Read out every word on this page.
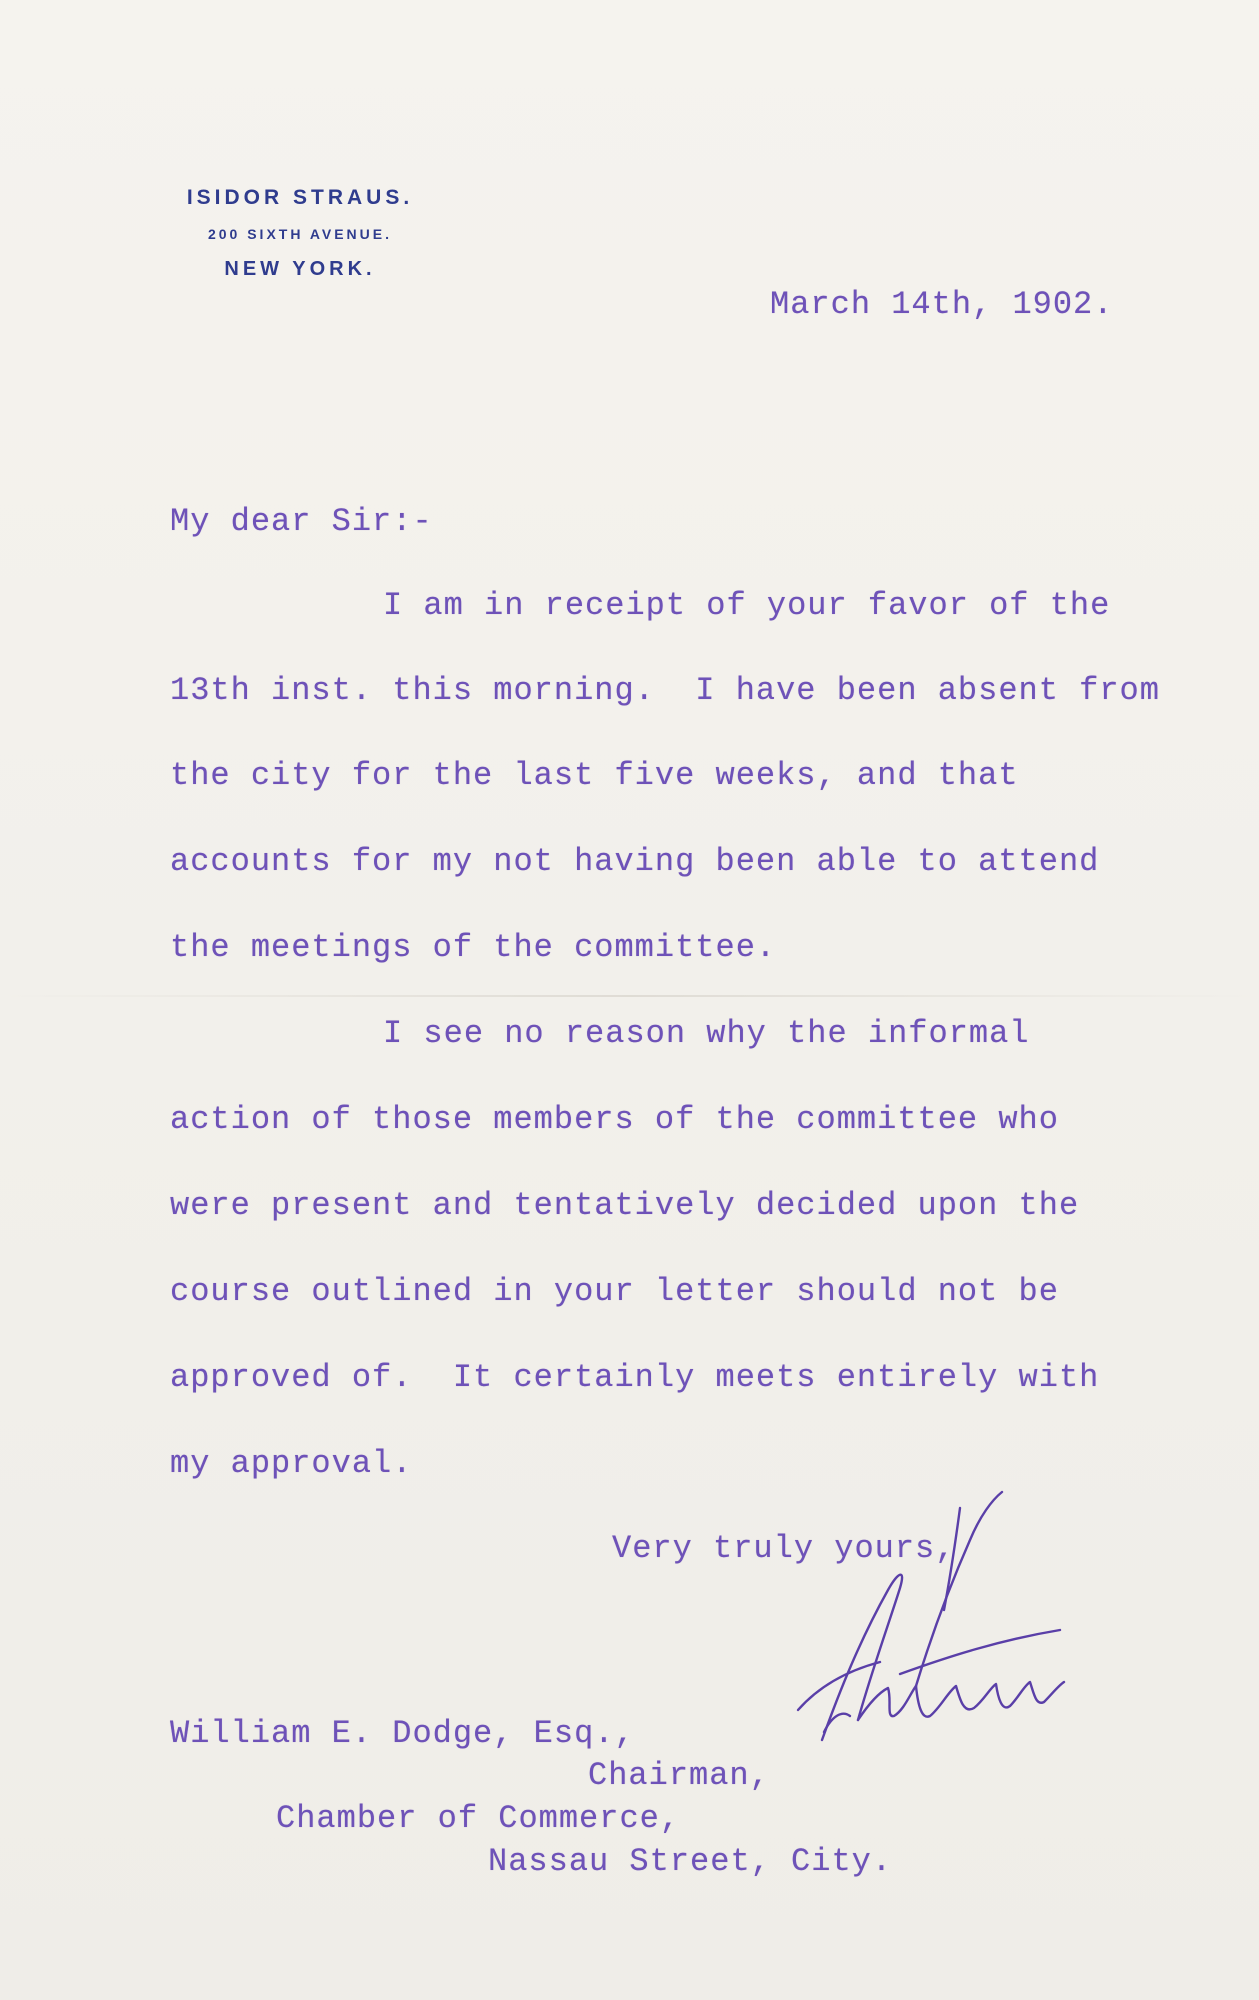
ISIDOR STRAUS.
200 SIXTH AVENUE.
NEW YORK.
March 14th, 1902.
My dear Sir:-
I am in receipt of your favor of the
13th inst. this morning.  I have been absent from
the city for the last five weeks, and that
accounts for my not having been able to attend
the meetings of the committee.
I see no reason why the informal
action of those members of the committee who
were present and tentatively decided upon the
course outlined in your letter should not be
approved of.  It certainly meets entirely with
my approval.
Very truly yours,
William E. Dodge, Esq.,
Chairman,
Chamber of Commerce,
Nassau Street, City.
